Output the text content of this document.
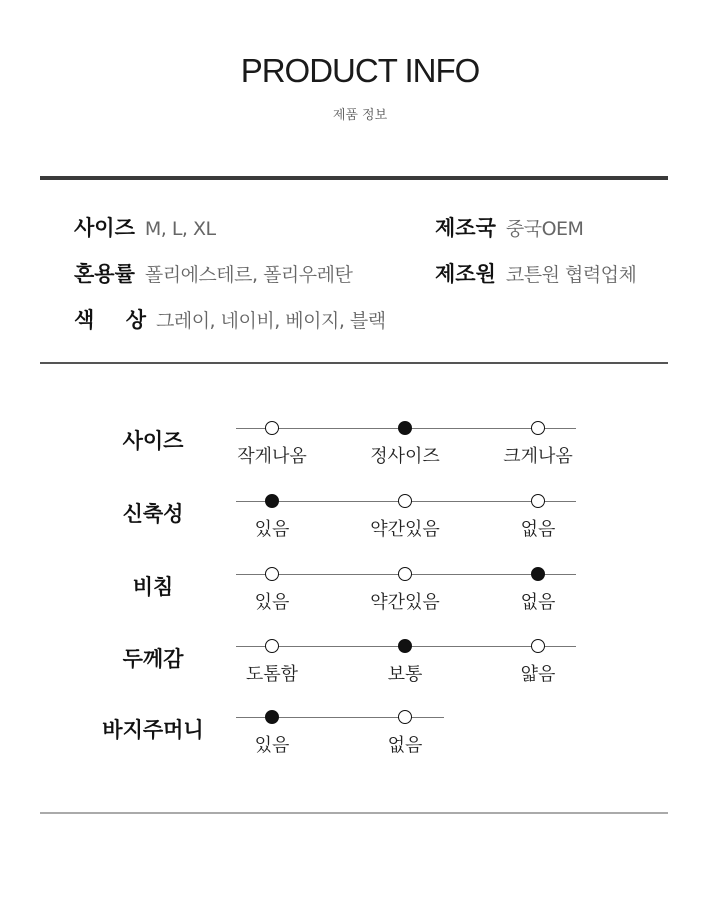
PRODUCT INFO
제품 정보
사이즈 M, L, XL
혼용률 폴리에스테르, 폴리우레탄
색 상 그레이, 네이비, 베이지, 블랙
제조국 중국OEM
제조원 코튼원 협력업체
사이즈
작게나옴	정사이즈	크게나옴
신축성
있음	약간있음	없음
비침
있음	약간있음	없음
두께감
도톰함	보통	얇음
바지주머니
있음	없음
